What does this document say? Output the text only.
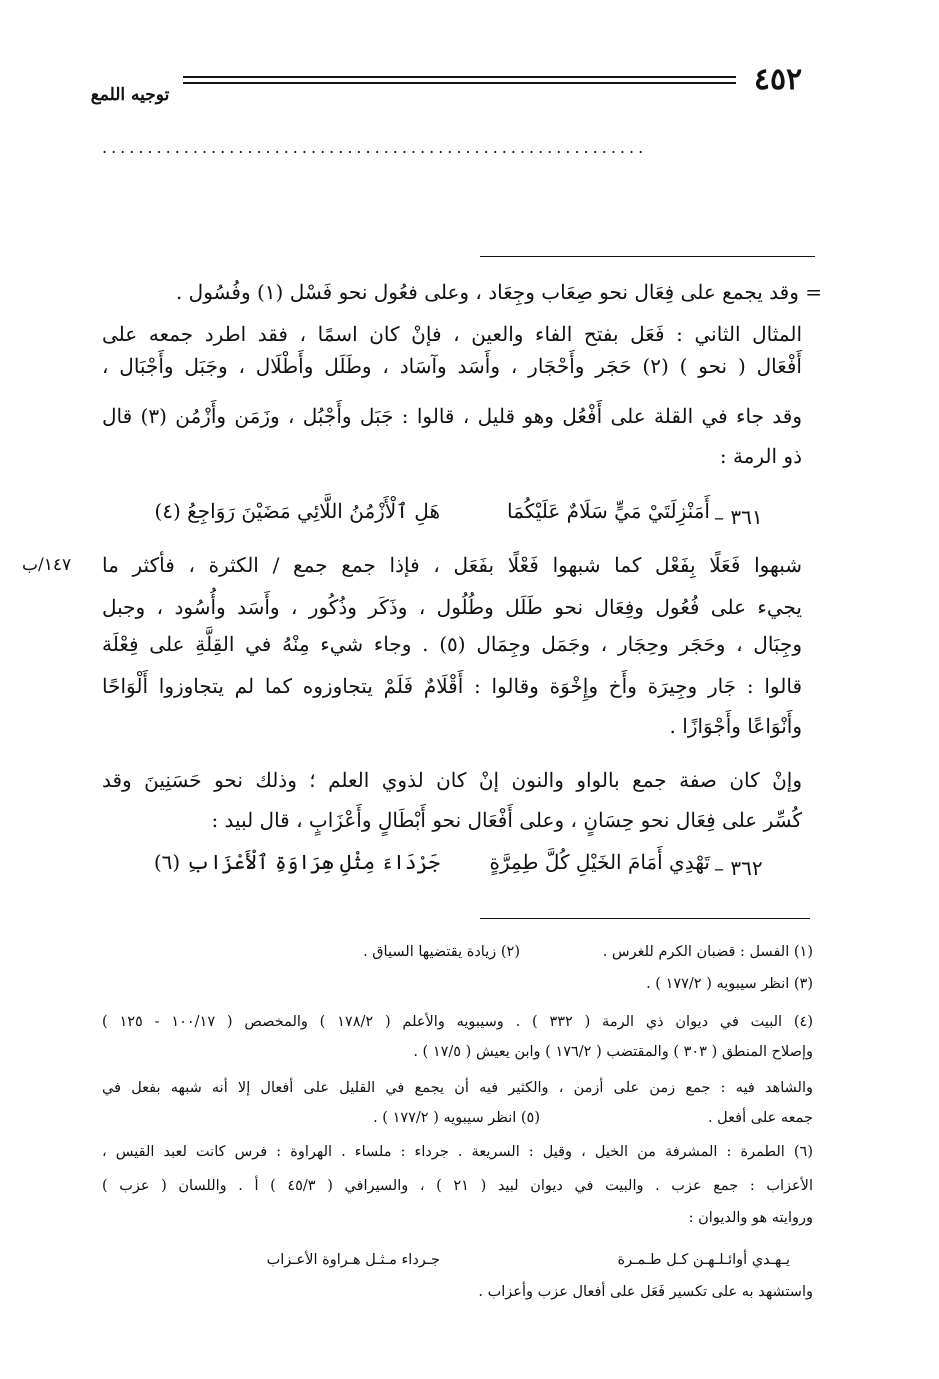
٤٥٢
توجيه اللمع
............................................................
= وقد يجمع على فِعَال نحو صِعَاب وجِعَاد ، وعلى فعُول نحو فَسْل (١) وفُسُول .
المثال الثاني : فَعَل بفتح الفاء والعين ، فإنْ كان اسمًا ، فقد اطرد جمعه على
أَفْعَال ( نحو ) (٢) حَجَر وأَحْجَار ، وأَسَد وآسَاد ، وطَلَل وأَطْلَال ، وجَبَل وأَجْبَال ،
وقد جاء في القلة على أَفْعُل وهو قليل ، قالوا : جَبَل وأَجْبُل ، وزَمَن وأَزْمُن (٣) قال
ذو الرمة :
٣٦١ –
أَمَنْزِلَتَيْ مَيٍّ سَلَامٌ عَلَيْكُمَا
هَلِ ٱلْأَزْمُنُ اللَّائِي مَضَيْنَ رَوَاجِعُ (٤)
١٤٧/ب شبهوا فَعَلًا بِفَعْل كما شبهوا فَعْلًا بفَعَل ، فإذا جمع جمع / الكثرة ، فأكثر ما
يجيء على فُعُول وفِعَال نحو طَلَل وطُلُول ، وذَكَر وذُكُور ، وأَسَد وأُسُود ، وجبل
وجِبَال ، وحَجَر وحِجَار ، وجَمَل وجِمَال (٥) . وجاء شيء مِنْهُ في القِلَّةِ على فِعْلَة
قالوا : جَار وجِيرَة وأَخ وإِخْوَة وقالوا : أَقْلَامٌ فَلَمْ يتجاوزوه كما لم يتجاوزوا أَلْوَاحًا
وأَنْوَاعًا وأَجْوَازًا .
وإنْ كان صفة جمع بالواو والنون إنْ كان لذوي العلم ؛ وذلك نحو حَسَنِينَ وقد
كُسِّر على فِعَال نحو حِسَانٍ ، وعلى أَفْعَال نحو أَبْطَالٍ وأَعْزَابٍ ، قال لبيد :
٣٦٢ –
تَهْدِي أَمَامَ الخَيْلِ كُلَّ طِمِرَّةٍ
جَرْدَاءَ مِثْلِ هِرَاوَةِ ٱلْأَعْزَابِ (٦)
(١) الفسل : قضبان الكرم للغرس .
(٢) زيادة يقتضيها السياق .
(٣) انظر سيبويه ( ١٧٧/٢ ) .
(٤) البيت في ديوان ذي الرمة ( ٣٣٢ ) . وسيبويه والأعلم ( ١٧٨/٢ ) والمخصص ( ١٠٠/١٧ - ١٢٥ )
وإصلاح المنطق ( ٣٠٣ ) والمقتضب ( ١٧٦/٢ ) وابن يعيش ( ١٧/٥ ) .
والشاهد فيه : جمع زمن على أزمن ، والكثير فيه أن يجمع في القليل على أفعال إلا أنه شبهه بفعل في
جمعه على أفعل .
(٥) انظر سيبويه ( ١٧٧/٢ ) .
(٦) الطمرة : المشرفة من الخيل ، وقيل : السريعة . جرداء : ملساء . الهراوة : فرس كانت لعبد القيس ،
الأعزاب : جمع عزب . والبيت في ديوان لبيد ( ٢١ ) ، والسيرافي ( ٤٥/٣ ) أ . واللسان ( عزب )
وروايته هو والديوان :
يـهـدي أوائـلـهـن كـل طـمـرة
جـرداء مـثـل هـراوة الأعـزاب
واستشهد به على تكسير فَعَل على أفعال عزب وأعزاب .
